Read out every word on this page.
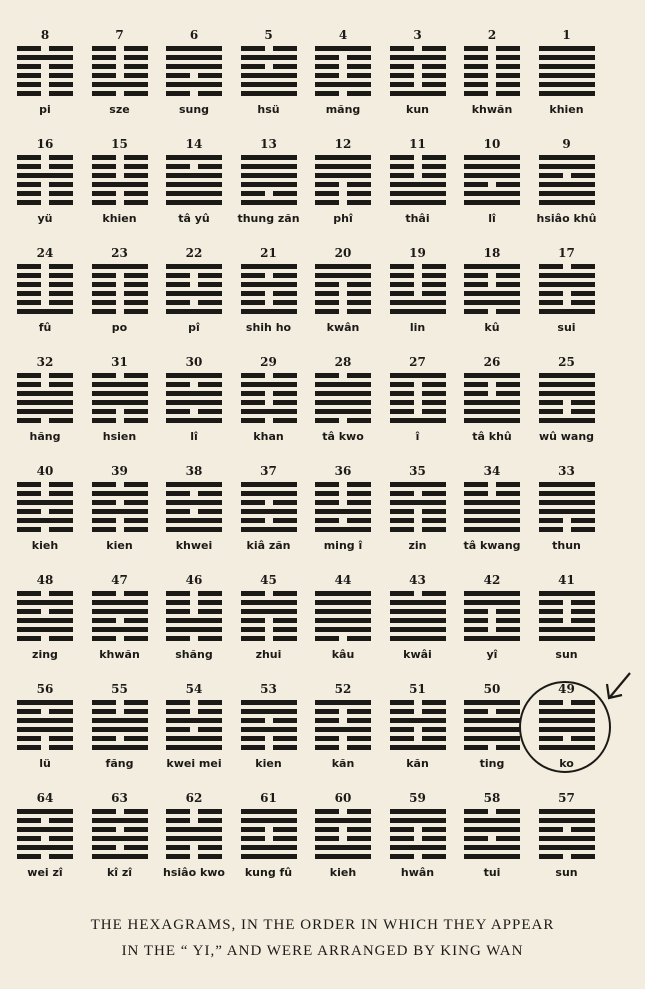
8
pi
7
sze
6
sung
5
hsü
4
măng
3
kun
2
khwăn
1
khien
16
yü
15
khien
14
tâ yû
13
thung zăn
12
phî
11
thâi
10
lî
9
hsiâo khû
24
fû
23
po
22
pî
21
shih ho
20
kwân
19
lin
18
kû
17
sui
32
hăng
31
hsien
30
lî
29
khan
28
tâ kwo
27
î
26
tâ khû
25
wû wang
40
kieh
39
kien
38
khwei
37
kiâ zăn
36
ming î
35
zin
34
tâ kwang
33
thun
48
zing
47
khwăn
46
shăng
45
zhui
44
kâu
43
kwâi
42
yî
41
sun
56
lü
55
făng
54
kwei mei
53
kien
52
kăn
51
kăn
50
ting
49
ko
64
wei zî
63
kî zî
62
hsiâo kwo
61
kung fû
60
kieh
59
hwân
58
tui
57
sun
THE HEXAGRAMS, IN THE ORDER IN WHICH THEY APPEAR
IN THE “ YI,” AND WERE ARRANGED BY KING WAN
